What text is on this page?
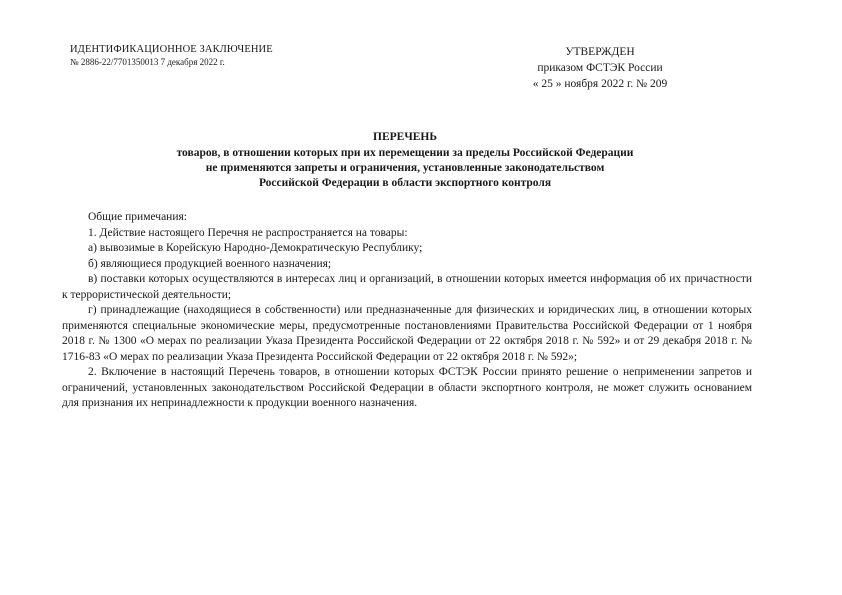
ИДЕНТИФИКАЦИОННОЕ ЗАКЛЮЧЕНИЕ
№ 2886-22/7701350013 7 декабря 2022 г.
УТВЕРЖДЕН
приказом ФСТЭК России
« 25 » ноября 2022 г. № 209
ПЕРЕЧЕНЬ
товаров, в отношении которых при их перемещении за пределы Российской Федерации
не применяются запреты и ограничения, установленные законодательством
Российской Федерации в области экспортного контроля

Общие примечания:

1. Действие настоящего Перечня не распространяется на товары:

а) вывозимые в Корейскую Народно-Демократическую Республику;

б) являющиеся продукцией военного назначения;

в) поставки которых осуществляются в интересах лиц и организаций, в отношении которых имеется информация об их причастности к террористической деятельности;

г) принадлежащие (находящиеся в собственности) или предназначенные для физических и юридических лиц, в отношении которых применяются специальные экономические меры, предусмотренные постановлениями Правительства Российской Федерации от 1 ноября 2018 г. № 1300 «О мерах по реализации Указа Президента Российской Федерации от 22 октября 2018 г. № 592» и от 29 декабря 2018 г. № 1716-83 «О мерах по реализации Указа Президента Российской Федерации от 22 октября 2018 г. № 592»;

2. Включение в настоящий Перечень товаров, в отношении которых ФСТЭК России принято решение о неприменении запретов и ограничений, установленных законодательством Российской Федерации в области экспортного контроля, не может служить основанием для признания их непринадлежности к продукции военного назначения.
